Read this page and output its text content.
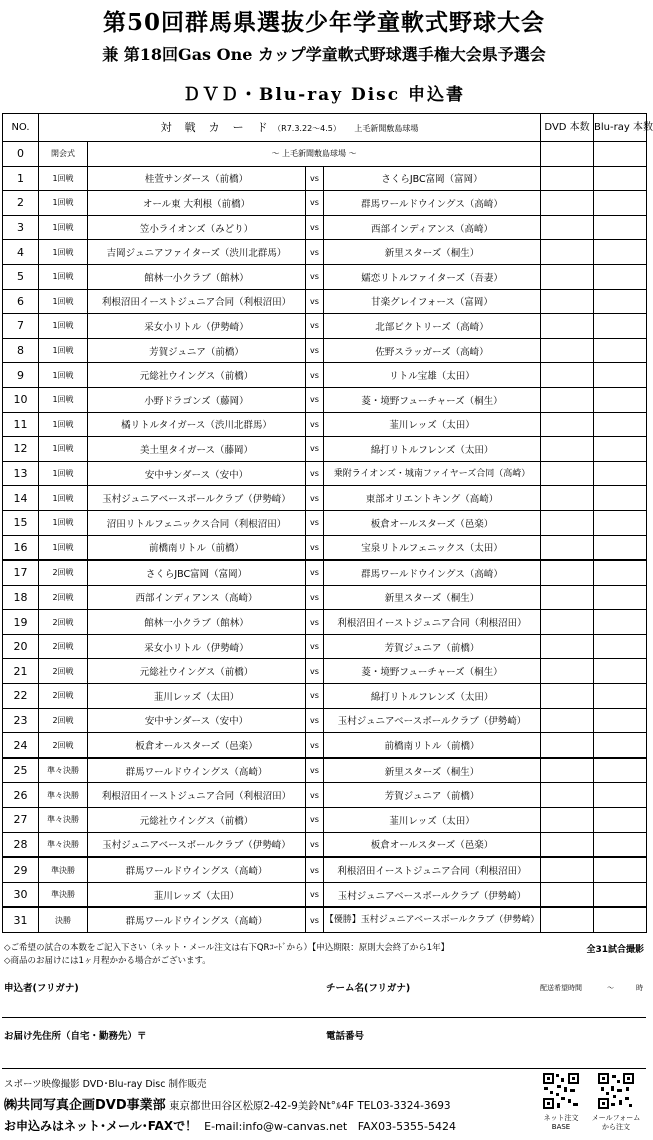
第50回群馬県選抜少年学童軟式野球大会
兼 第18回Gas One カップ学童軟式野球選手権大会県予選会
ＤＶＤ・Blu-ray Disc 申込書
NO.	対　戦　カ　ー　ド （R7.3.22～4.5） 上毛新聞敷島球場				DVD 本数	Blu-ray 本数
0	開会式	～ 上毛新聞敷島球場 ～				
1	1回戦	桂萱サンダース（前橋）	vs	さくらJBC富岡（富岡）		
2	1回戦	オール東 大利根（前橋）	vs	群馬ワールドウイングス（高崎）		
3	1回戦	笠小ライオンズ（みどり）	vs	西部インディアンス（高崎）		
4	1回戦	吉岡ジュニアファイターズ（渋川北群馬）	vs	新里スターズ（桐生）		
5	1回戦	館林一小クラブ（館林）	vs	嬬恋リトルファイターズ（吾妻）		
6	1回戦	利根沼田イーストジュニア合同（利根沼田）	vs	甘楽グレイフォース（富岡）		
7	1回戦	采女小リトル（伊勢崎）	vs	北部ビクトリーズ（高崎）		
8	1回戦	芳賀ジュニア（前橋）	vs	佐野スラッガーズ（高崎）		
9	1回戦	元総社ウイングス（前橋）	vs	リトル宝雄（太田）		
10	1回戦	小野ドラゴンズ（藤岡）	vs	菱・境野フューチャーズ（桐生）		
11	1回戦	橘リトルタイガース（渋川北群馬）	vs	韮川レッズ（太田）		
12	1回戦	美土里タイガース（藤岡）	vs	綿打リトルフレンズ（太田）		
13	1回戦	安中サンダース（安中）	vs	乗附ライオンズ・城南ファイヤーズ合同（高崎）		
14	1回戦	玉村ジュニアベースボールクラブ（伊勢崎）	vs	東部オリエントキング（高崎）		
15	1回戦	沼田リトルフェニックス合同（利根沼田）	vs	板倉オールスターズ（邑楽）		
16	1回戦	前橋南リトル（前橋）	vs	宝泉リトルフェニックス（太田）		
17	2回戦	さくらJBC富岡（富岡）	vs	群馬ワールドウイングス（高崎）		
18	2回戦	西部インディアンス（高崎）	vs	新里スターズ（桐生）		
19	2回戦	館林一小クラブ（館林）	vs	利根沼田イーストジュニア合同（利根沼田）		
20	2回戦	采女小リトル（伊勢崎）	vs	芳賀ジュニア（前橋）		
21	2回戦	元総社ウイングス（前橋）	vs	菱・境野フューチャーズ（桐生）		
22	2回戦	韮川レッズ（太田）	vs	綿打リトルフレンズ（太田）		
23	2回戦	安中サンダース（安中）	vs	玉村ジュニアベースボールクラブ（伊勢崎）		
24	2回戦	板倉オールスターズ（邑楽）	vs	前橋南リトル（前橋）		
25	準々決勝	群馬ワールドウイングス（高崎）	vs	新里スターズ（桐生）		
26	準々決勝	利根沼田イーストジュニア合同（利根沼田）	vs	芳賀ジュニア（前橋）		
27	準々決勝	元総社ウイングス（前橋）	vs	韮川レッズ（太田）		
28	準々決勝	玉村ジュニアベースボールクラブ（伊勢崎）	vs	板倉オールスターズ（邑楽）		
29	準決勝	群馬ワールドウイングス（高崎）	vs	利根沼田イーストジュニア合同（利根沼田）		
30	準決勝	韮川レッズ（太田）	vs	玉村ジュニアベースボールクラブ（伊勢崎）		
31	決勝	群馬ワールドウイングス（高崎）	vs	【優勝】玉村ジュニアベースボールクラブ（伊勢崎）		
◇ご希望の試合の本数をご記入下さい（ネット・メール注文は右下QRｺｰﾄﾞから）【申込期限：原則大会終了から1年】
◇商品のお届けには1ヶ月程かかる場合がございます。
全31試合撮影
申込者(フリガナ)	チーム名(フリガナ)	配送希望時間	～	時
お届け先住所（自宅・勤務先）〒	電話番号
スポーツ映像撮影 DVD･Blu-ray Disc 制作販売
㈱共同写真企画DVD事業部 東京都世田谷区松原2-42-9美鈴Nt°ﾙ4F TEL03-3324-3693
お申込みはネット･メール･FAXで！ E-mail:info@w-canvas.net FAX03-5355-5424
ネット注文 BASE
メールフォーム から注文
